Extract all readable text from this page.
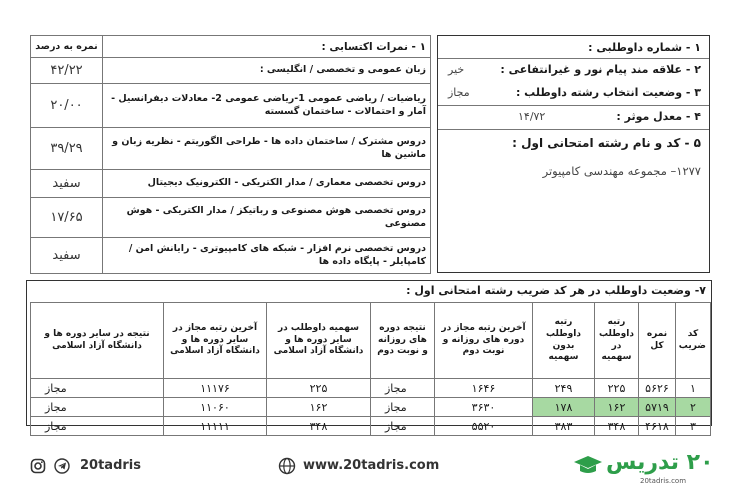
۱ - نمرات اکتسابی :	نمره به درصد
زبان عمومی و تخصصی / انگلیسی :	۴۲/۲۲
ریاضیات / ریاضی عمومی 1-ریاضی عمومی 2- معادلات دیفرانسیل - آمار و احتمالات - ساختمان گسسته	۲۰/۰۰
دروس مشترک / ساختمان داده ها - طراحی الگوریتم - نظریه زبان و ماشین ها	۳۹/۲۹
دروس تخصصی معماری / مدار الکتریکی - الکترونیک دیجیتال	سفید
دروس تخصصی هوش مصنوعی و رباتیکز / مدار الکتریکی - هوش مصنوعی	۱۷/۶۵
دروس تخصصی نرم افزار - شبکه های کامپیوتری - رایانش امن / کامپایلر - پایگاه داده ها	سفید
۱ - شماره داوطلبی :
۲ - علاقه مند پیام نور و غیرانتفاعی :
خیر
۳ - وضعیت انتخاب رشته داوطلب :
مجاز
۴ - معدل موثر :
۱۴/۷۲
۵ - کد و نام رشته امتحانی اول :
۱۲۷۷– مجموعه مهندسی کامپیوتر
۷- وضعیت داوطلب در هر کد ضریب رشته امتحانی اول :
کد ضریب	نمره کل	رتبه داوطلب در سهمیه	رتبه داوطلب بدون سهمیه	آخرین رتبه مجاز در دوره های روزانه و نوبت دوم	نتیجه دوره های روزانه و نوبت دوم	سهمیه داوطلب در سایر دوره ها و دانشگاه آزاد اسلامی	آخرین رتبه مجاز در سایر دوره ها و دانشگاه آزاد اسلامی	نتیجه در سایر دوره ها و دانشگاه آزاد اسلامی
۱	۵۶۲۶	۲۲۵	۲۴۹	۱۶۴۶	مجاز	۲۲۵	۱۱۱۷۶	مجاز
۲	۵۷۱۹	۱۶۲	۱۷۸	۳۶۳۰	مجاز	۱۶۲	۱۱۰۶۰	مجاز
۳	۴۶۱۸	۳۴۸	۳۸۳	۵۵۲۰	مجاز	۳۴۸	۱۱۱۱۱	مجاز
20tadris	www.20tadris.com	۲۰ تدریس
20tadris.com
